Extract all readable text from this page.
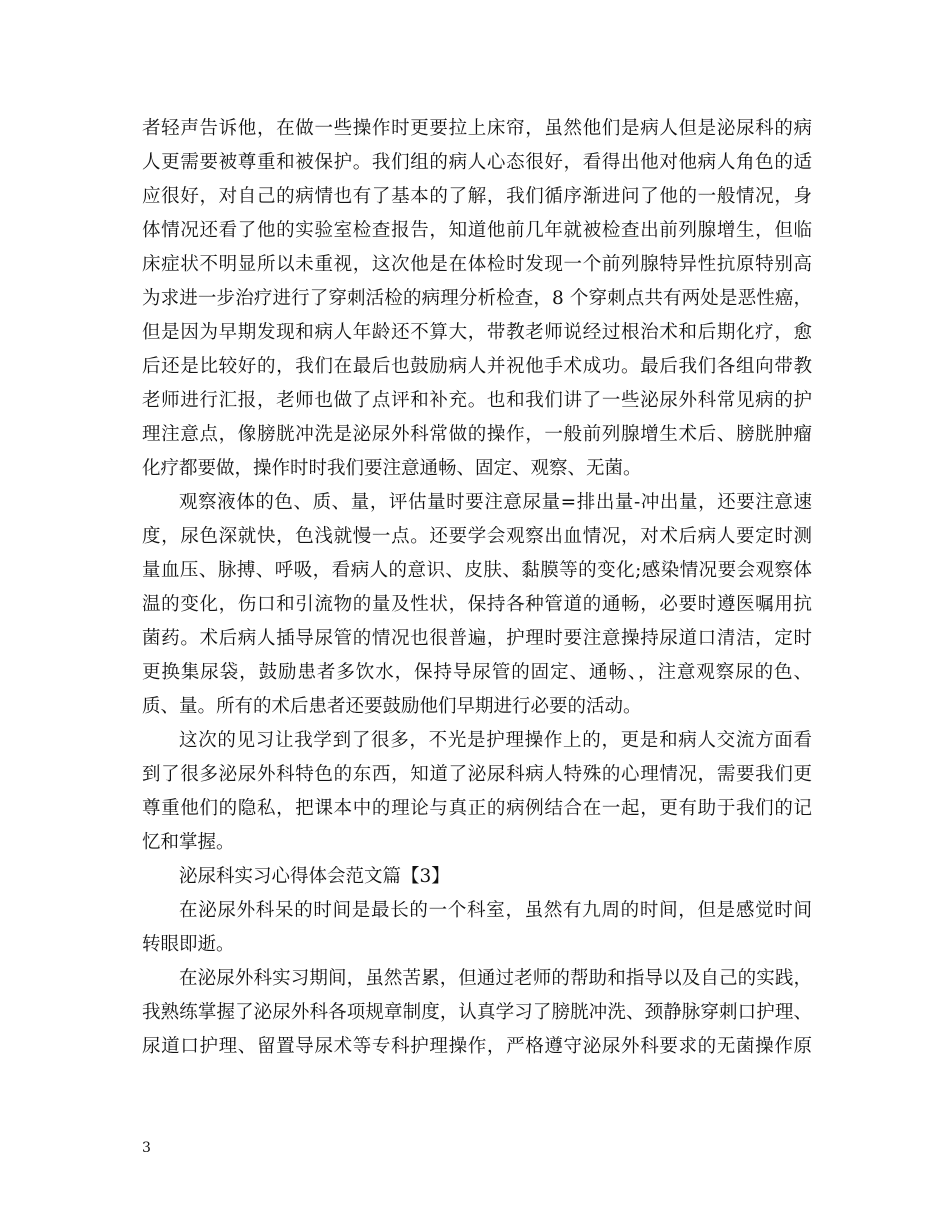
者轻声告诉他，在做一些操作时更要拉上床帘，虽然他们是病人但是泌尿科的病
人更需要被尊重和被保护。我们组的病人心态很好，看得出他对他病人角色的适
应很好，对自己的病情也有了基本的了解，我们循序渐进问了他的一般情况，身
体情况还看了他的实验室检查报告，知道他前几年就被检查出前列腺增生，但临
床症状不明显所以未重视，这次他是在体检时发现一个前列腺特异性抗原特别高
为求进一步治疗进行了穿刺活检的病理分析检查，8 个穿刺点共有两处是恶性癌，
但是因为早期发现和病人年龄还不算大，带教老师说经过根治术和后期化疗，愈
后还是比较好的，我们在最后也鼓励病人并祝他手术成功。最后我们各组向带教
老师进行汇报，老师也做了点评和补充。也和我们讲了一些泌尿外科常见病的护
理注意点，像膀胱冲洗是泌尿外科常做的操作，一般前列腺增生术后、膀胱肿瘤
化疗都要做，操作时时我们要注意通畅、固定、观察、无菌。
观察液体的色、质、量，评估量时要注意尿量=排出量-冲出量，还要注意速
度，尿色深就快，色浅就慢一点。还要学会观察出血情况，对术后病人要定时测
量血压、脉搏、呼吸，看病人的意识、皮肤、黏膜等的变化;感染情况要会观察体
温的变化，伤口和引流物的量及性状，保持各种管道的通畅，必要时遵医嘱用抗
菌药。术后病人插导尿管的情况也很普遍，护理时要注意操持尿道口清洁，定时
更换集尿袋，鼓励患者多饮水，保持导尿管的固定、通畅、，注意观察尿的色、
质、量。所有的术后患者还要鼓励他们早期进行必要的活动。
这次的见习让我学到了很多，不光是护理操作上的，更是和病人交流方面看
到了很多泌尿外科特色的东西，知道了泌尿科病人特殊的心理情况，需要我们更
尊重他们的隐私，把课本中的理论与真正的病例结合在一起，更有助于我们的记
忆和掌握。
泌尿科实习心得体会范文篇【3】
在泌尿外科呆的时间是最长的一个科室，虽然有九周的时间，但是感觉时间
转眼即逝。
在泌尿外科实习期间，虽然苦累，但通过老师的帮助和指导以及自己的实践，
我熟练掌握了泌尿外科各项规章制度，认真学习了膀胱冲洗、颈静脉穿刺口护理、
尿道口护理、留置导尿术等专科护理操作，严格遵守泌尿外科要求的无菌操作原
3
